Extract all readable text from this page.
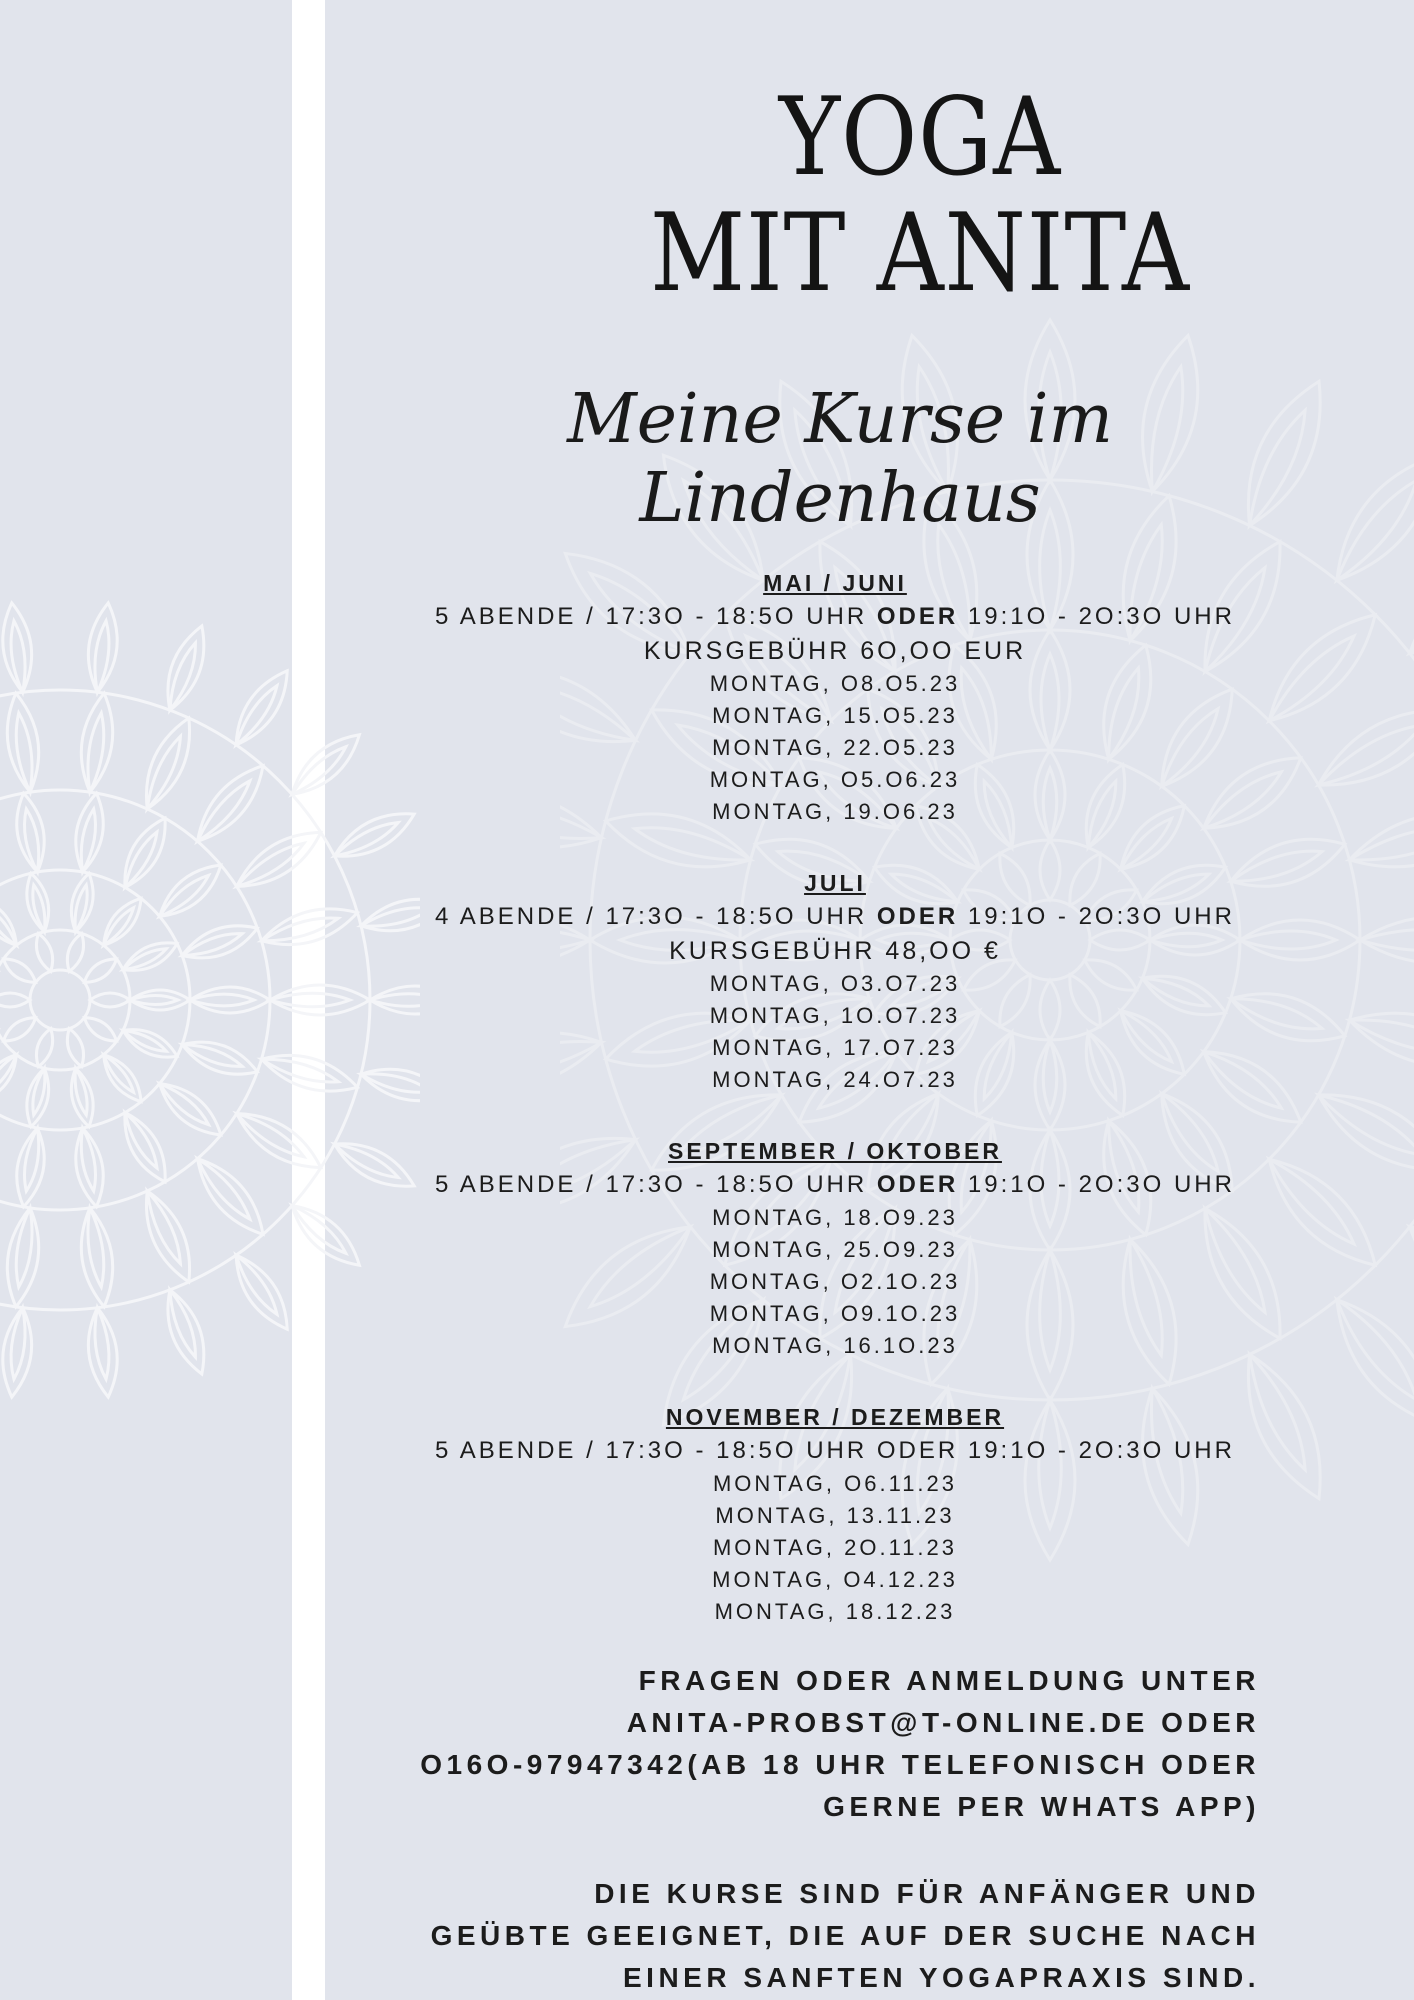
YOGA
MIT ANITA
Meine Kurse im Lindenhaus
MAI / JUNI
5 ABENDE / 17:3O - 18:5O UHR ODER 19:1O - 2O:3O UHR
KURSGEBÜHR 6O,OO EUR
MONTAG, O8.O5.23
MONTAG, 15.O5.23
MONTAG, 22.O5.23
MONTAG, O5.O6.23
MONTAG, 19.O6.23
JULI
4 ABENDE / 17:3O - 18:5O UHR ODER 19:1O - 2O:3O UHR
KURSGEBÜHR 48,OO €
MONTAG, O3.O7.23
MONTAG, 1O.O7.23
MONTAG, 17.O7.23
MONTAG, 24.O7.23
SEPTEMBER / OKTOBER
5 ABENDE / 17:3O - 18:5O UHR ODER 19:1O - 2O:3O UHR
MONTAG, 18.O9.23
MONTAG, 25.O9.23
MONTAG, O2.1O.23
MONTAG, O9.1O.23
MONTAG, 16.1O.23
NOVEMBER / DEZEMBER
5 ABENDE / 17:3O - 18:5O UHR ODER 19:1O - 2O:3O UHR
MONTAG, O6.11.23
MONTAG, 13.11.23
MONTAG, 2O.11.23
MONTAG, O4.12.23
MONTAG, 18.12.23
FRAGEN ODER ANMELDUNG UNTER
ANITA-PROBST@T-ONLINE.DE ODER
O16O-97947342(AB 18 UHR TELEFONISCH ODER
GERNE PER WHATS APP)
DIE KURSE SIND FÜR ANFÄNGER UND
GEÜBTE GEEIGNET, DIE AUF DER SUCHE NACH
EINER SANFTEN YOGAPRAXIS SIND.
